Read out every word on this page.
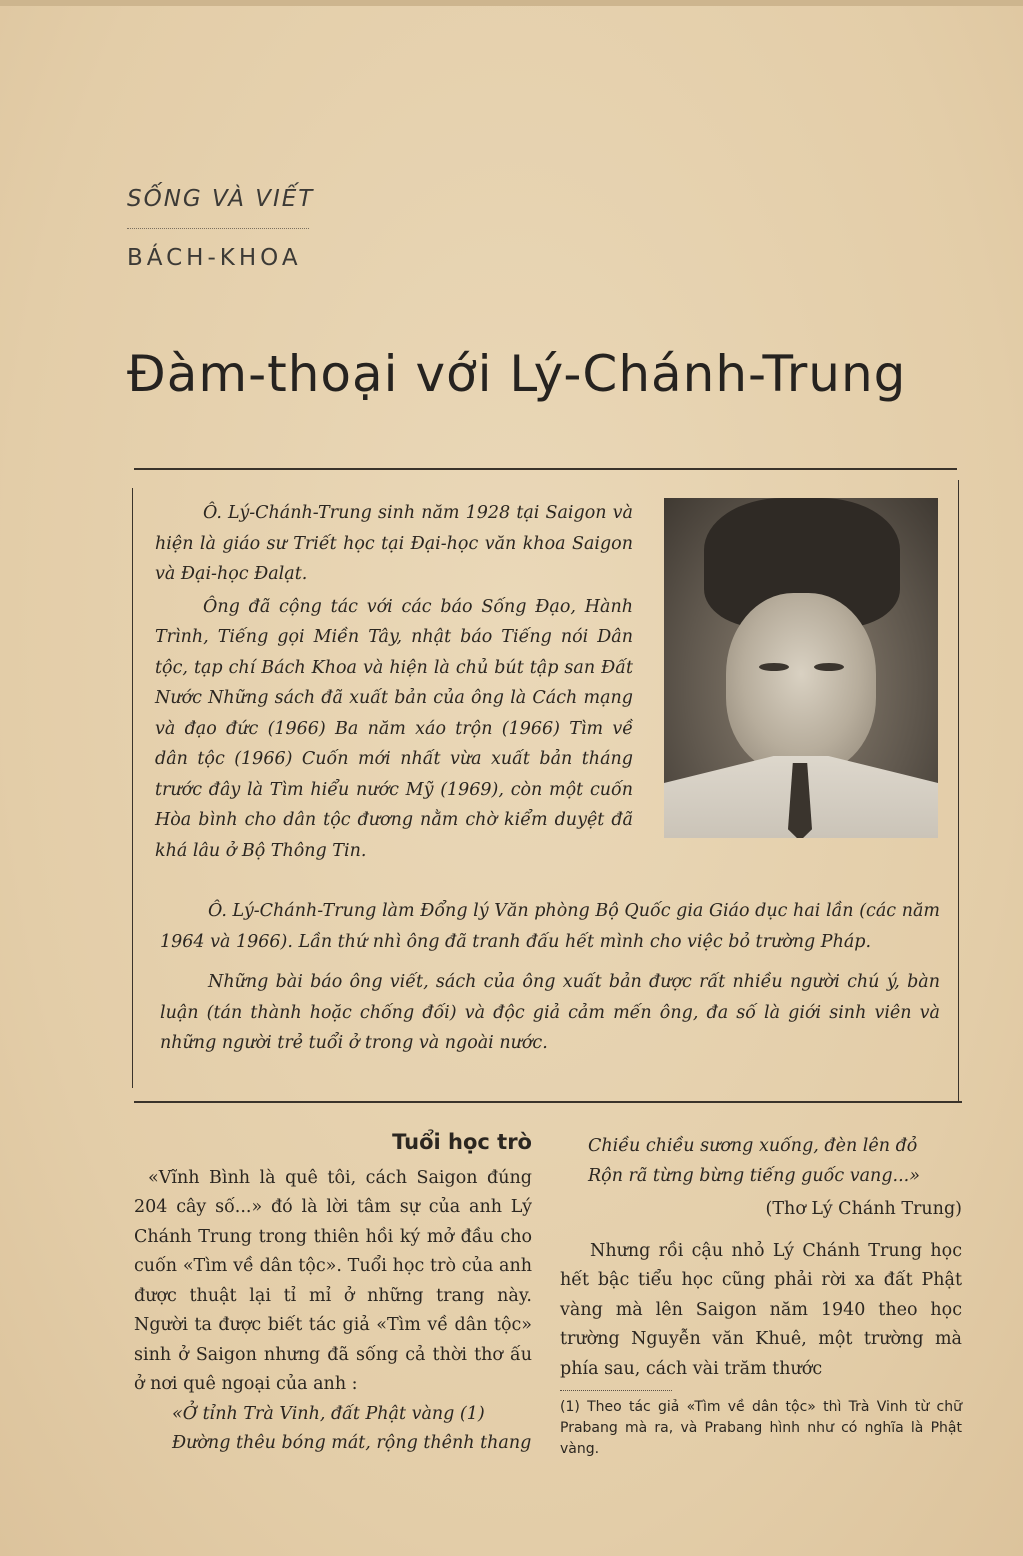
SỐNG VÀ VIẾT
BÁCH-KHOA
Đàm-thoại với Lý-Chánh-Trung

Ô. Lý-Chánh-Trung sinh năm 1928 tại Saigon và hiện là giáo sư Triết học tại Đại-học văn khoa Saigon và Đại-học Đalạt.

Ông đã cộng tác với các báo Sống Đạo, Hành Trình, Tiếng gọi Miền Tây, nhật báo Tiếng nói Dân tộc, tạp chí Bách Khoa và hiện là chủ bút tập san Đất Nước Những sách đã xuất bản của ông là Cách mạng và đạo đức (1966) Ba năm xáo trộn (1966) Tìm về dân tộc (1966) Cuốn mới nhất vừa xuất bản tháng trước đây là Tìm hiểu nước Mỹ (1969), còn một cuốn Hòa bình cho dân tộc đương nằm chờ kiểm duyệt đã khá lâu ở Bộ Thông Tin.

Ô. Lý-Chánh-Trung làm Đổng lý Văn phòng Bộ Quốc gia Giáo dục hai lần (các năm 1964 và 1966). Lần thứ nhì ông đã tranh đấu hết mình cho việc bỏ trường Pháp.

Những bài báo ông viết, sách của ông xuất bản được rất nhiều người chú ý, bàn luận (tán thành hoặc chống đối) và độc giả cảm mến ông, đa số là giới sinh viên và những người trẻ tuổi ở trong và ngoài nước.

Tuổi học trò

«Vĩnh Bình là quê tôi, cách Saigon đúng 204 cây số...» đó là lời tâm sự của anh Lý Chánh Trung trong thiên hồi ký mở đầu cho cuốn «Tìm về dân tộc». Tuổi học trò của anh được thuật lại tỉ mỉ ở những trang này. Người ta được biết tác giả «Tìm về dân tộc» sinh ở Saigon nhưng đã sống cả thời thơ ấu ở nơi quê ngoại của anh :

«Ở tỉnh Trà Vinh, đất Phật vàng (1)

Đường thêu bóng mát, rộng thênh thang

Chiều chiều sương xuống, đèn lên đỏ

Rộn rã từng bừng tiếng guốc vang...»

(Thơ Lý Chánh Trung)

Nhưng rồi cậu nhỏ Lý Chánh Trung học hết bậc tiểu học cũng phải rời xa đất Phật vàng mà lên Saigon năm 1940 theo học trường Nguyễn văn Khuê, một trường mà phía sau, cách vài trăm thước

(1) Theo tác giả «Tìm về dân tộc» thì Trà Vinh từ chữ Prabang mà ra, và Prabang hình như có nghĩa là Phật vàng.
